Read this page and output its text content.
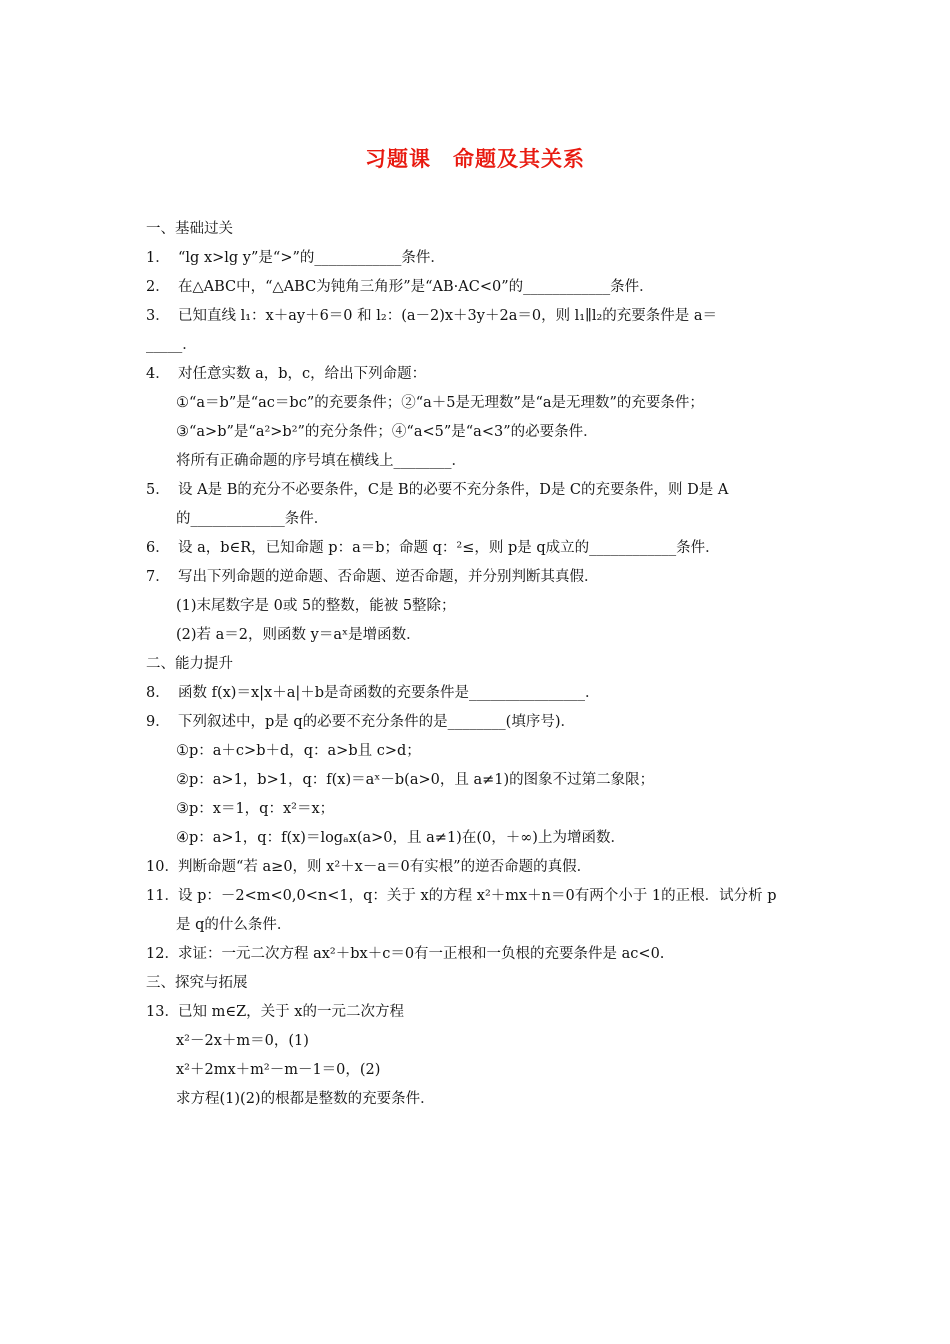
习题课　命题及其关系
一、基础过关
1． “lg x>lg y”是“>”的____________条件．
2． 在△ABC中，“△ABC为钝角三角形”是“AB·AC<0”的____________条件．
3． 已知直线 l₁：x＋ay＋6＝0 和 l₂：(a－2)x＋3y＋2a＝0，则 l₁∥l₂的充要条件是 a＝
_____．
4． 对任意实数 a，b，c，给出下列命题：
①“a＝b”是“ac＝bc”的充要条件；②“a＋5是无理数”是“a是无理数”的充要条件；
③“a>b”是“a²>b²”的充分条件；④“a<5”是“a<3”的必要条件．
将所有正确命题的序号填在横线上________．
5． 设 A是 B的充分不必要条件，C是 B的必要不充分条件，D是 C的充要条件，则 D是 A
的_____________条件．
6． 设 a，b∈R，已知命题 p：a＝b；命题 q：²≤，则 p是 q成立的____________条件．
7． 写出下列命题的逆命题、否命题、逆否命题，并分别判断其真假．
(1)末尾数字是 0或 5的整数，能被 5整除；
(2)若 a＝2，则函数 y＝aˣ是增函数．
二、能力提升
8． 函数 f(x)＝x|x＋a|＋b是奇函数的充要条件是________________．
9． 下列叙述中，p是 q的必要不充分条件的是________(填序号)．
①p：a＋c>b＋d，q：a>b且 c>d；
②p：a>1，b>1，q：f(x)＝aˣ－b(a>0，且 a≠1)的图象不过第二象限；
③p：x＝1，q：x²＝x；
④p：a>1，q：f(x)＝logₐx(a>0，且 a≠1)在(0，＋∞)上为增函数．
10．判断命题“若 a≥0，则 x²＋x－a＝0有实根”的逆否命题的真假．
11．设 p：－2<m<0,0<n<1，q：关于 x的方程 x²＋mx＋n＝0有两个小于 1的正根．试分析 p
是 q的什么条件．
12．求证：一元二次方程 ax²＋bx＋c＝0有一正根和一负根的充要条件是 ac<0.
三、探究与拓展
13．已知 m∈Z，关于 x的一元二次方程
x²－2x＋m＝0，(1)
x²＋2mx＋m²－m－1＝0，(2)
求方程(1)(2)的根都是整数的充要条件．
